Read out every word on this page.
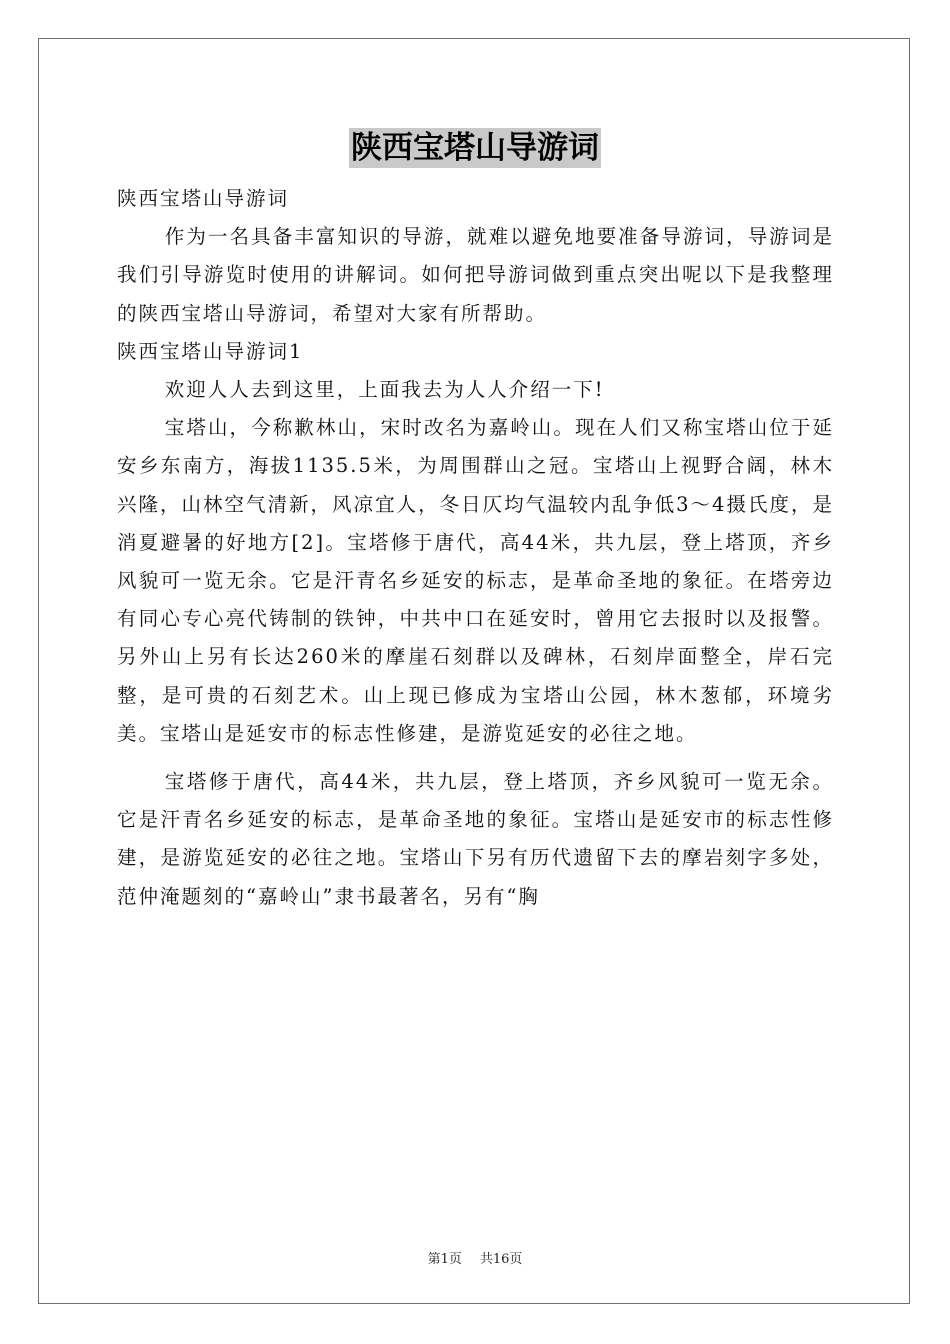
陕西宝塔山导游词

陕西宝塔山导游词

作为一名具备丰富知识的导游，就难以避免地要准备导游词，导游词是我们引导游览时使用的讲解词。如何把导游词做到重点突出呢以下是我整理的陕西宝塔山导游词，希望对大家有所帮助。

陕西宝塔山导游词1

欢迎人人去到这里，上面我去为人人介绍一下!

宝塔山，今称歉林山，宋时改名为嘉岭山。现在人们又称宝塔山位于延安乡东南方，海拔1135.5米，为周围群山之冠。宝塔山上视野合阔，林木兴隆，山林空气清新，风凉宜人，冬日仄均气温较内乱争低3～4摄氏度，是消夏避暑的好地方[2]。宝塔修于唐代，高44米，共九层，登上塔顶，齐乡风貌可一览无余。它是汗青名乡延安的标志，是革命圣地的象征。在塔旁边有同心专心亮代铸制的铁钟，中共中口在延安时，曾用它去报时以及报警。另外山上另有长达260米的摩崖石刻群以及碑林，石刻岸面整全，岸石完整，是可贵的石刻艺术。山上现已修成为宝塔山公园，林木葱郁，环境劣美。宝塔山是延安市的标志性修建，是游览延安的必往之地。

宝塔修于唐代，高44米，共九层，登上塔顶，齐乡风貌可一览无余。它是汗青名乡延安的标志，是革命圣地的象征。宝塔山是延安市的标志性修建，是游览延安的必往之地。宝塔山下另有历代遗留下去的摩岩刻字多处，范仲淹题刻的“嘉岭山”隶书最著名，另有“胸

第1页 共16页
